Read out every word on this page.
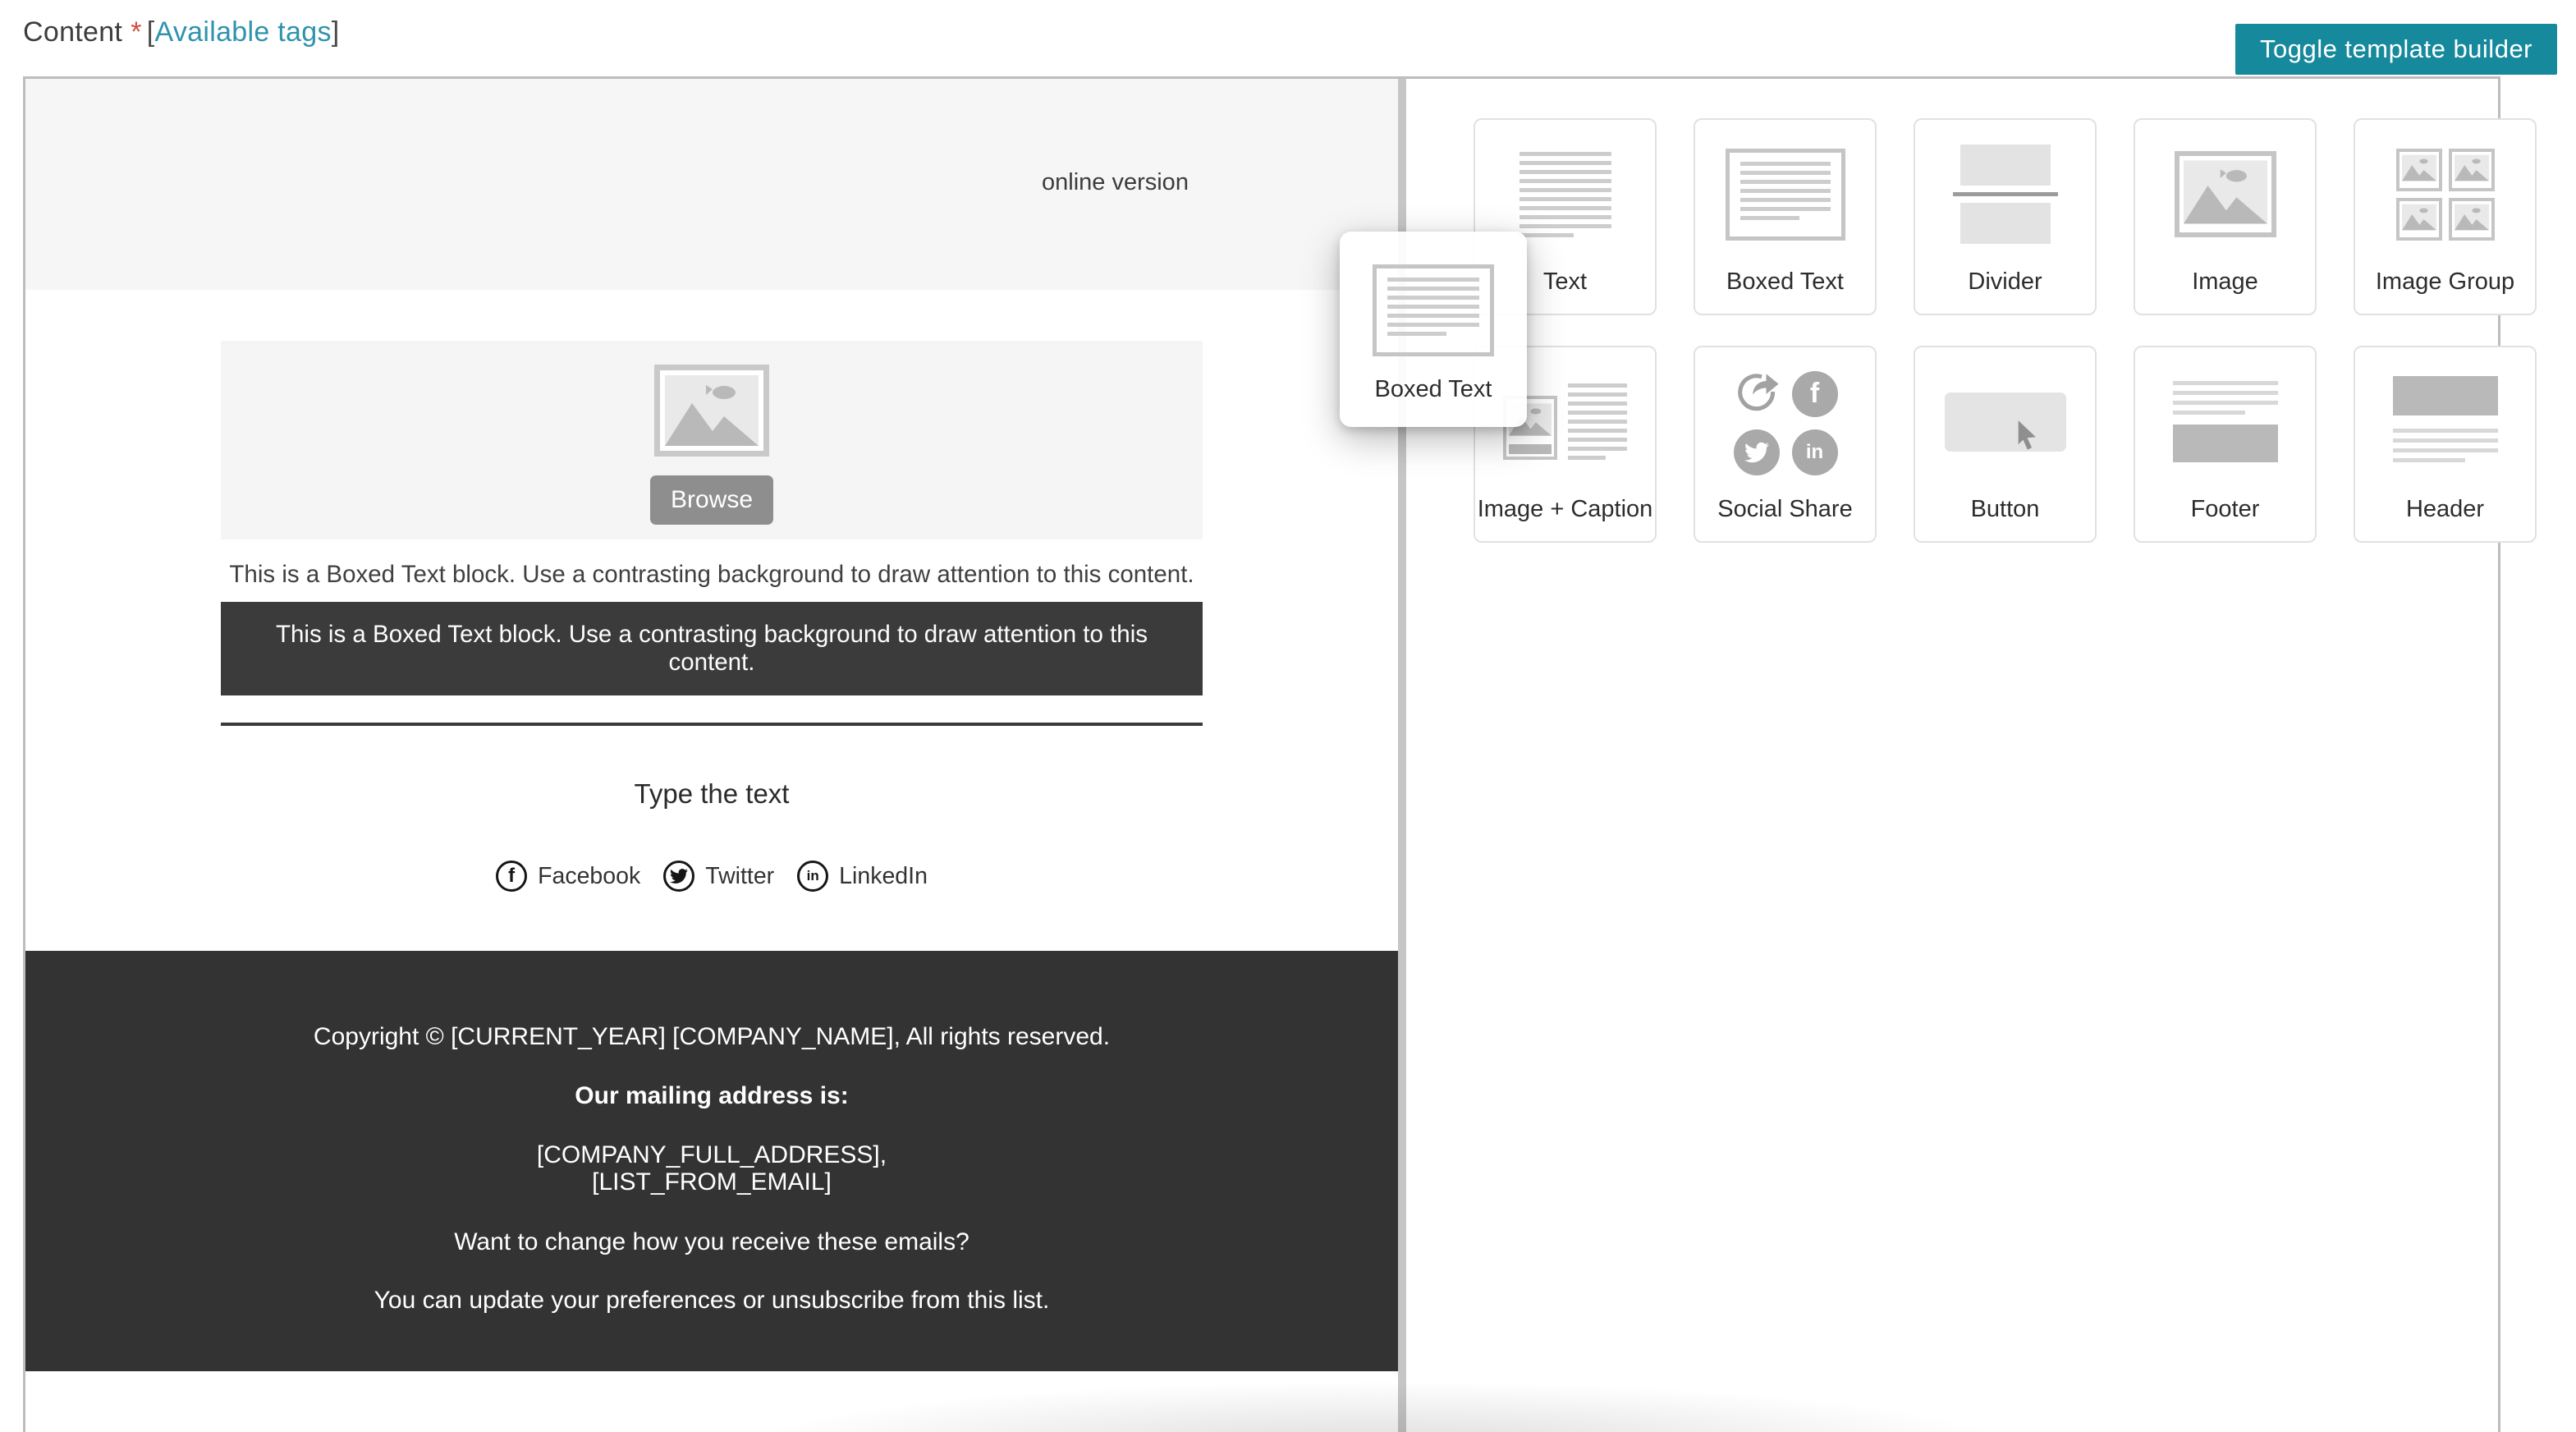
Content * [Available tags]
Toggle template builder
online version
Browse
This is a Boxed Text block. Use a contrasting background to draw attention to this content.
This is a Boxed Text block. Use a contrasting background to draw attention to this content.
Type the text
f Facebook	Twitter in LinkedIn
Copyright © [CURRENT_YEAR] [COMPANY_NAME], All rights reserved.
Our mailing address is:
[COMPANY_FULL_ADDRESS],
[LIST_FROM_EMAIL]
Want to change how you receive these emails?
You can update your preferences or unsubscribe from this list.
Text	Boxed Text	Divider	Image	Image Group
Image + Caption
f
in
Social Share	Button	Footer	Header
Boxed Text
